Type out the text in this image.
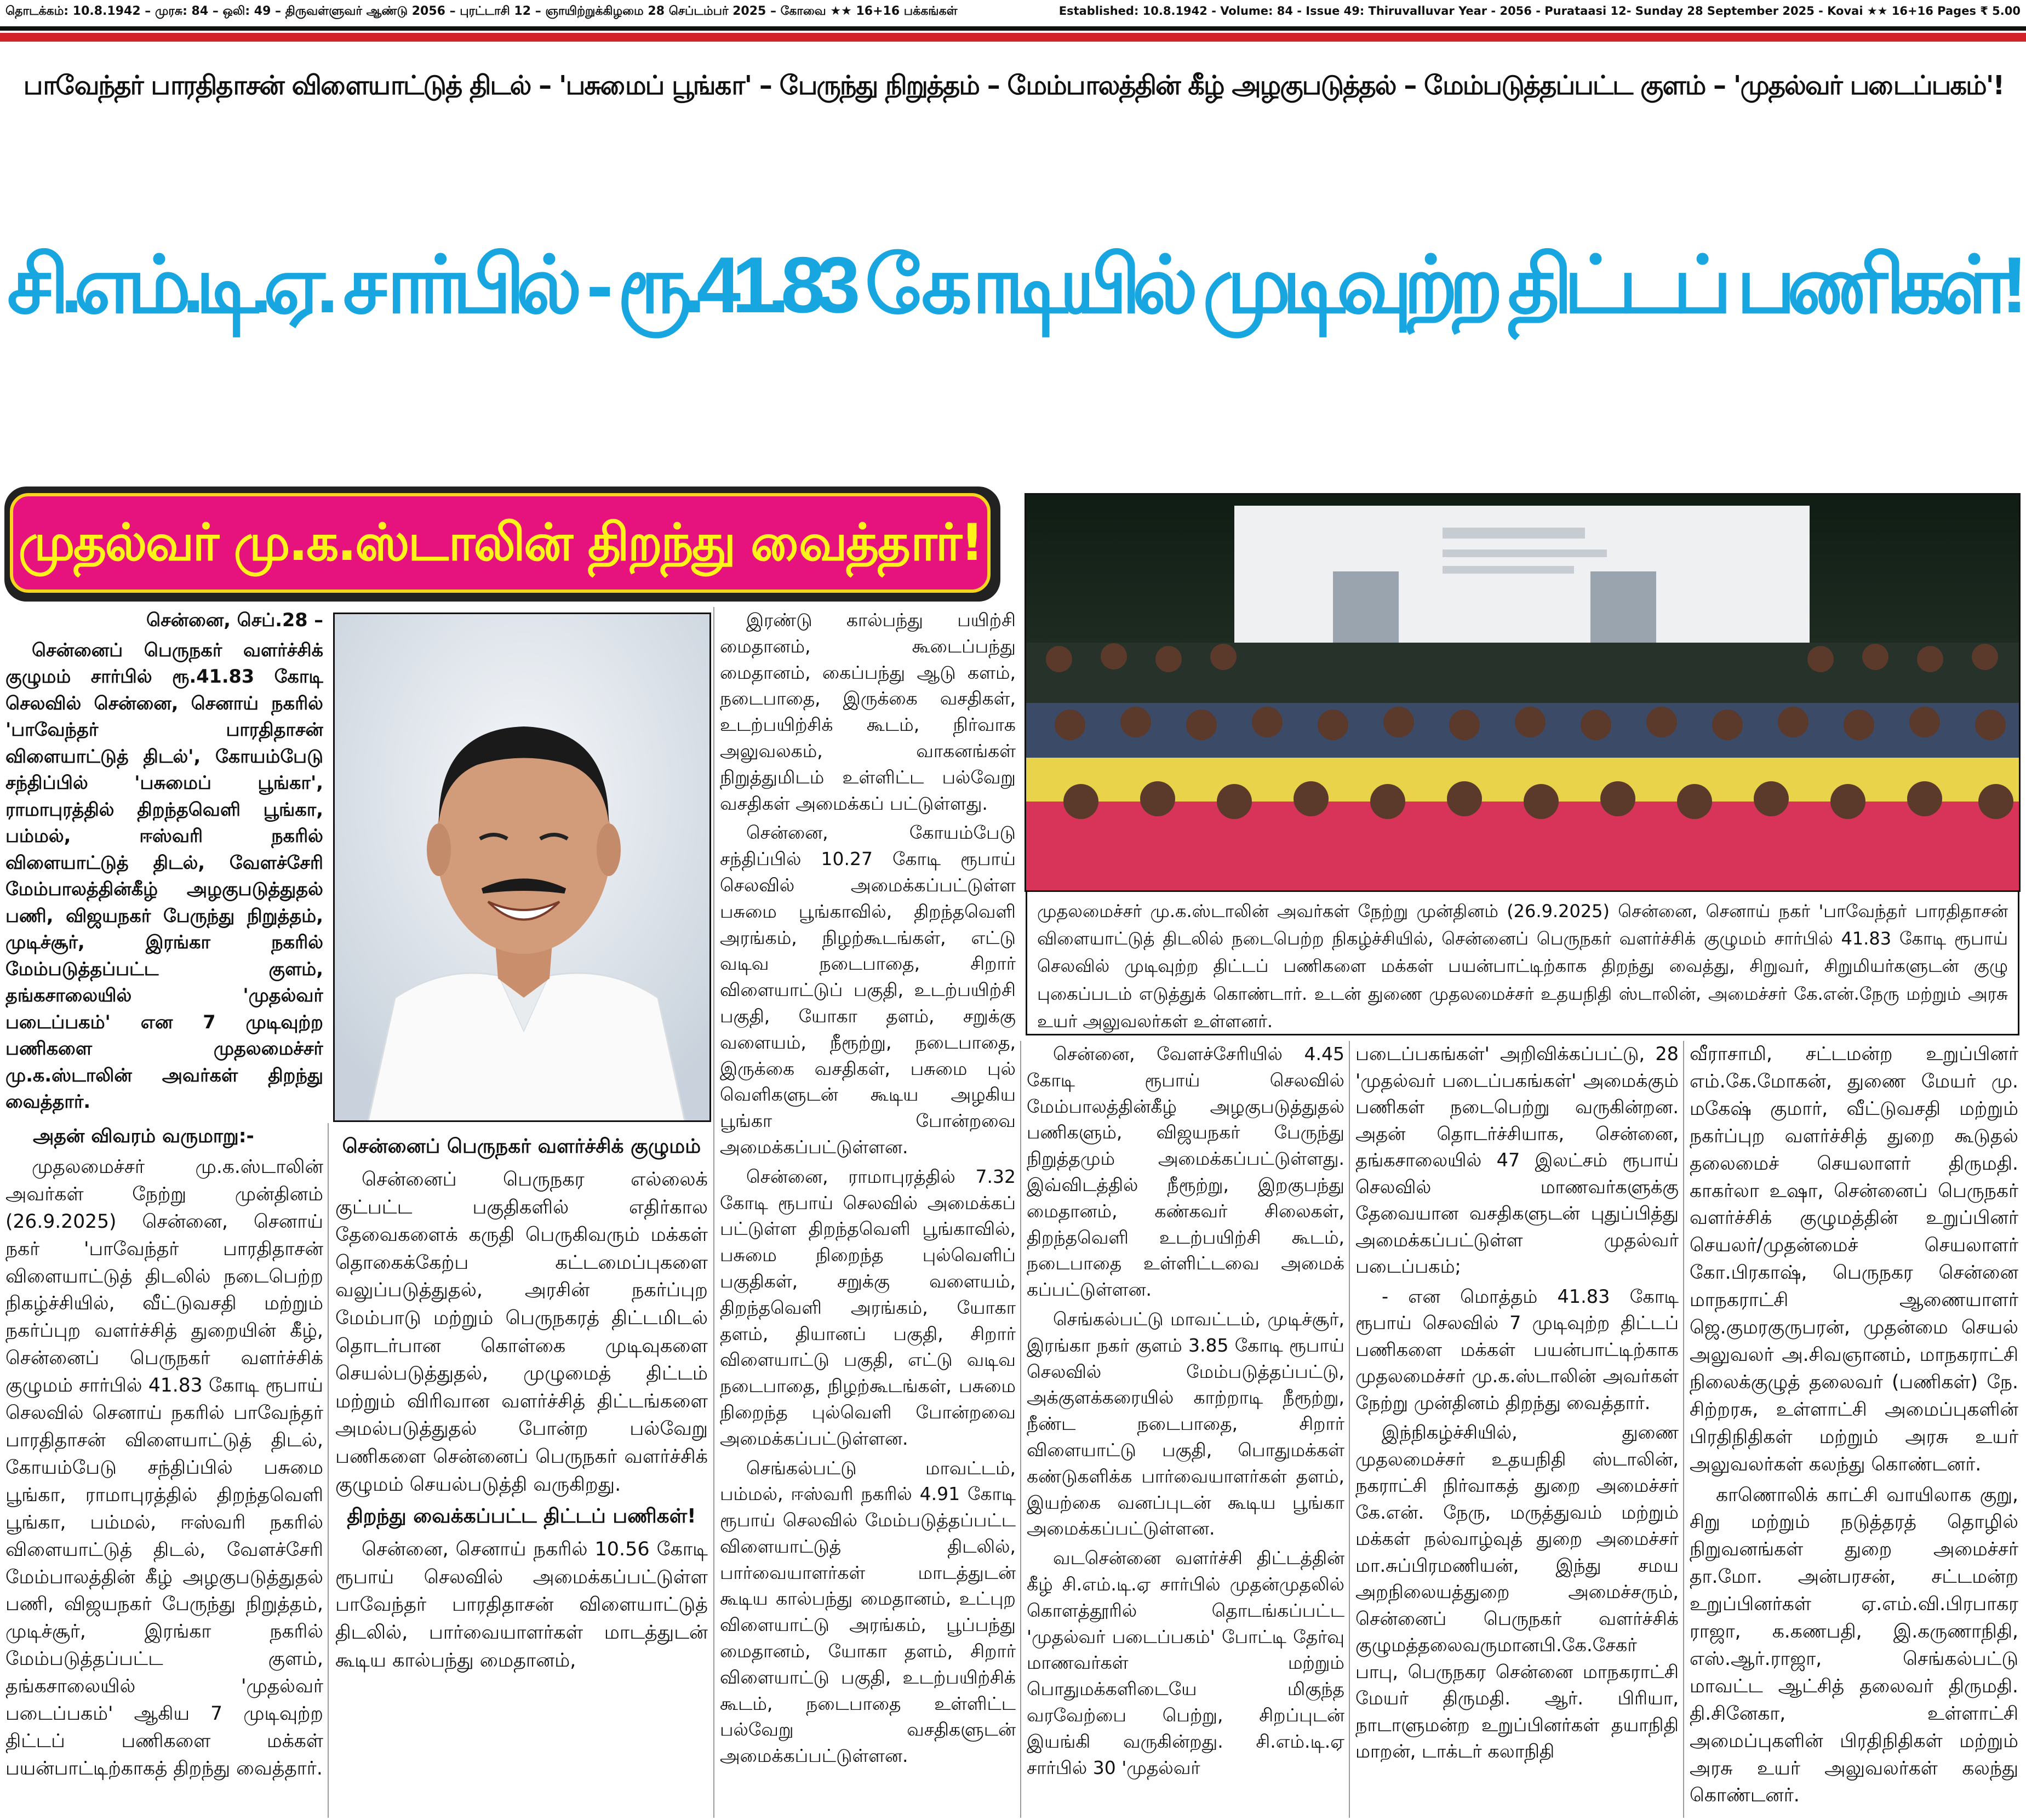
தொடக்கம்: 10.8.1942 – முரசு: 84 – ஒலி: 49 – திருவள்ளுவர் ஆண்டு 2056 – புரட்டாசி 12 – ஞாயிற்றுக்கிழமை 28 செப்டம்பர் 2025 – கோவை ★★ 16+16 பக்கங்கள்	Established: 10.8.1942 - Volume: 84 - Issue 49: Thiruvalluvar Year - 2056 - Purataasi 12- Sunday 28 September 2025 - Kovai ★★ 16+16 Pages ₹ 5.00
பாவேந்தர் பாரதிதாசன் விளையாட்டுத் திடல் – 'பசுமைப் பூங்கா' – பேருந்து நிறுத்தம் – மேம்பாலத்தின் கீழ் அழகுபடுத்தல் – மேம்படுத்தப்பட்ட குளம் – 'முதல்வர் படைப்பகம்'!
சி.எம்.டி.ஏ. சார்பில் - ரூ.41.83 கோடியில் முடிவுற்ற திட்டப் பணிகள்!
முதல்வர் மு.க.ஸ்டாலின் திறந்து வைத்தார்!
முதலமைச்சர் மு.க.ஸ்டாலின் அவர்கள் நேற்று முன்தினம் (26.9.2025) சென்னை, செனாய் நகர் 'பாவேந்தர் பாரதிதாசன் விளையாட்டுத் திடலில் நடைபெற்ற நிகழ்ச்சியில், சென்னைப் பெருநகர் வளர்ச்சிக் குழுமம் சார்பில் 41.83 கோடி ரூபாய் செலவில் முடிவுற்ற திட்டப் பணிகளை மக்கள் பயன்பாட்டிற்காக திறந்து வைத்து, சிறுவர், சிறுமியர்களுடன் குழு புகைப்படம் எடுத்துக் கொண்டார். உடன் துணை முதலமைச்சர் உதயநிதி ஸ்டாலின், அமைச்சர் கே.என்.நேரு மற்றும் அரசு உயர் அலுவலர்கள் உள்ளனர்.

சென்னை, செப்.28 –

சென்னைப் பெருநகர் வளர்ச்சிக் குழுமம் சார்பில் ரூ.41.83 கோடி செலவில் சென்னை, செனாய் நகரில் 'பாவேந்தர் பாரதிதாசன் விளையாட்டுத் திடல்', கோயம்பேடு சந்திப்பில் 'பசுமைப் பூங்கா', ராமாபுரத்தில் திறந்தவெளி பூங்கா, பம்மல், ஈஸ்வரி நகரில் விளையாட்டுத் திடல், வேளச்சேரி மேம்பாலத்தின்கீழ் அழகுபடுத்துதல் பணி, விஜயநகர் பேருந்து நிறுத்தம், முடிச்சூர், இரங்கா நகரில் மேம்படுத்தப்பட்ட குளம், தங்கசாலையில் 'முதல்வர் படைப்பகம்' என 7 முடிவுற்ற பணிகளை முதலமைச்சர் மு.க.ஸ்டாலின் அவர்கள் திறந்து வைத்தார்.

அதன் விவரம் வருமாறு:-

முதலமைச்சர் மு.க.ஸ்டாலின் அவர்கள் நேற்று முன்தினம் (26.9.2025) சென்னை, செனாய் நகர் 'பாவேந்தர் பாரதிதாசன் விளையாட்டுத் திடலில் நடைபெற்ற நிகழ்ச்சியில், வீட்டுவசதி மற்றும் நகர்ப்புற வளர்ச்சித் துறையின் கீழ், சென்னைப் பெருநகர் வளர்ச்சிக் குழுமம் சார்பில் 41.83 கோடி ரூபாய் செலவில் செனாய் நகரில் பாவேந்தர் பாரதிதாசன் விளையாட்டுத் திடல், கோயம்பேடு சந்திப்பில் பசுமை பூங்கா, ராமாபுரத்தில் திறந்தவெளி பூங்கா, பம்மல், ஈஸ்வரி நகரில் விளையாட்டுத் திடல், வேளச்சேரி மேம்பாலத்தின் கீழ் அழகுபடுத்துதல் பணி, விஜயநகர் பேருந்து நிறுத்தம், முடிச்சூர், இரங்கா நகரில் மேம்படுத்தப்பட்ட குளம், தங்கசாலையில் 'முதல்வர் படைப்பகம்' ஆகிய 7 முடிவுற்ற திட்டப் பணிகளை மக்கள் பயன்பாட்டிற்காகத் திறந்து வைத்தார்.

சென்னைப் பெருநகர் வளர்ச்சிக் குழுமம்

சென்னைப் பெருநகர எல்லைக் குட்பட்ட பகுதிகளில் எதிர்கால தேவைகளைக் கருதி பெருகிவரும் மக்கள் தொகைக்கேற்ப கட்டமைப்புகளை வலுப்படுத்துதல், அரசின் நகர்ப்புற மேம்பாடு மற்றும் பெருநகரத் திட்டமிடல் தொடர்பான கொள்கை முடிவுகளை செயல்படுத்துதல், முழுமைத் திட்டம் மற்றும் விரிவான வளர்ச்சித் திட்டங்களை அமல்படுத்துதல் போன்ற பல்வேறு பணிகளை சென்னைப் பெருநகர் வளர்ச்சிக் குழுமம் செயல்படுத்தி வருகிறது.

திறந்து வைக்கப்பட்ட திட்டப் பணிகள்!

சென்னை, செனாய் நகரில் 10.56 கோடி ரூபாய் செலவில் அமைக்கப்பட்டுள்ள பாவேந்தர் பாரதிதாசன் விளையாட்டுத் திடலில், பார்வையாளர்கள் மாடத்துடன் கூடிய கால்பந்து மைதானம்,

இரண்டு கால்பந்து பயிற்சி மைதானம், கூடைப்பந்து மைதானம், கைப்பந்து ஆடு களம், நடைபாதை, இருக்கை வசதிகள், உடற்பயிற்சிக் கூடம், நிர்வாக அலுவலகம், வாகனங்கள் நிறுத்துமிடம் உள்ளிட்ட பல்வேறு வசதிகள் அமைக்கப் பட்டுள்ளது.

சென்னை, கோயம்பேடு சந்திப்பில் 10.27 கோடி ரூபாய் செலவில் அமைக்கப்பட்டுள்ள பசுமை பூங்காவில், திறந்தவெளி அரங்கம், நிழற்கூடங்கள், எட்டு வடிவ நடைபாதை, சிறார் விளையாட்டுப் பகுதி, உடற்பயிற்சி பகுதி, யோகா தளம், சறுக்கு வளையம், நீரூற்று, நடைபாதை, இருக்கை வசதிகள், பசுமை புல் வெளிகளுடன் கூடிய அழகிய பூங்கா போன்றவை அமைக்கப்பட்டுள்ளன.

சென்னை, ராமாபுரத்தில் 7.32 கோடி ரூபாய் செலவில் அமைக்கப் பட்டுள்ள திறந்தவெளி பூங்காவில், பசுமை நிறைந்த புல்வெளிப் பகுதிகள், சறுக்கு வளையம், திறந்தவெளி அரங்கம், யோகா தளம், தியானப் பகுதி, சிறார் விளையாட்டு பகுதி, எட்டு வடிவ நடைபாதை, நிழற்கூடங்கள், பசுமை நிறைந்த புல்வெளி போன்றவை அமைக்கப்பட்டுள்ளன.

செங்கல்பட்டு மாவட்டம், பம்மல், ஈஸ்வரி நகரில் 4.91 கோடி ரூபாய் செலவில் மேம்படுத்தப்பட்ட விளையாட்டுத் திடலில், பார்வையாளர்கள் மாடத்துடன் கூடிய கால்பந்து மைதானம், உட்புற விளையாட்டு அரங்கம், பூப்பந்து மைதானம், யோகா தளம், சிறார் விளையாட்டு பகுதி, உடற்பயிற்சிக் கூடம், நடைபாதை உள்ளிட்ட பல்வேறு வசதிகளுடன் அமைக்கப்பட்டுள்ளன.

சென்னை, வேளச்சேரியில் 4.45 கோடி ரூபாய் செலவில் மேம்பாலத்தின்கீழ் அழகுபடுத்துதல் பணிகளும், விஜயநகர் பேருந்து நிறுத்தமும் அமைக்கப்பட்டுள்ளது. இவ்விடத்தில் நீரூற்று, இறகுபந்து மைதானம், கண்கவர் சிலைகள், திறந்தவெளி உடற்பயிற்சி கூடம், நடைபாதை உள்ளிட்டவை அமைக் கப்பட்டுள்ளன.

செங்கல்பட்டு மாவட்டம், முடிச்சூர், இரங்கா நகர் குளம் 3.85 கோடி ரூபாய் செலவில் மேம்படுத்தப்பட்டு, அக்குளக்கரையில் காற்றாடி நீரூற்று, நீண்ட நடைபாதை, சிறார் விளையாட்டு பகுதி, பொதுமக்கள் கண்டுகளிக்க பார்வையாளர்கள் தளம், இயற்கை வனப்புடன் கூடிய பூங்கா அமைக்கப்பட்டுள்ளன.

வடசென்னை வளர்ச்சி திட்டத்தின் கீழ் சி.எம்.டி.ஏ சார்பில் முதன்முதலில் கொளத்தூரில் தொடங்கப்பட்ட 'முதல்வர் படைப்பகம்' போட்டி தேர்வு மாணவர்கள் மற்றும் பொதுமக்களிடையே மிகுந்த வரவேற்பை பெற்று, சிறப்புடன் இயங்கி வருகின்றது. சி.எம்.டி.ஏ சார்பில் 30 'முதல்வர்

படைப்பகங்கள்' அறிவிக்கப்பட்டு, 28 'முதல்வர் படைப்பகங்கள்' அமைக்கும் பணிகள் நடைபெற்று வருகின்றன. அதன் தொடர்ச்சியாக, சென்னை, தங்கசாலையில் 47 இலட்சம் ரூபாய் செலவில் மாணவர்களுக்கு தேவையான வசதிகளுடன் புதுப்பித்து அமைக்கப்பட்டுள்ள முதல்வர் படைப்பகம்;

- என மொத்தம் 41.83 கோடி ரூபாய் செலவில் 7 முடிவுற்ற திட்டப் பணிகளை மக்கள் பயன்பாட்டிற்காக முதலமைச்சர் மு.க.ஸ்டாலின் அவர்கள் நேற்று முன்தினம் திறந்து வைத்தார்.

இந்நிகழ்ச்சியில், துணை முதலமைச்சர் உதயநிதி ஸ்டாலின், நகராட்சி நிர்வாகத் துறை அமைச்சர் கே.என். நேரு, மருத்துவம் மற்றும் மக்கள் நல்வாழ்வுத் துறை அமைச்சர் மா.சுப்பிரமணியன், இந்து சமய அறநிலையத்துறை அமைச்சரும், சென்னைப் பெருநகர் வளர்ச்சிக் குழுமத்தலைவருமானபி.கே.சேகர் பாபு, பெருநகர சென்னை மாநகராட்சி மேயர் திருமதி. ஆர். பிரியா, நாடாளுமன்ற உறுப்பினர்கள் தயாநிதி மாறன், டாக்டர் கலாநிதி

வீராசாமி, சட்டமன்ற உறுப்பினர் எம்.கே.மோகன், துணை மேயர் மு. மகேஷ் குமார், வீட்டுவசதி மற்றும் நகர்ப்புற வளர்ச்சித் துறை கூடுதல் தலைமைச் செயலாளர் திருமதி. காகர்லா உஷா, சென்னைப் பெருநகர் வளர்ச்சிக் குழுமத்தின் உறுப்பினர் செயலர்/முதன்மைச் செயலாளர் கோ.பிரகாஷ், பெருநகர சென்னை மாநகராட்சி ஆணையாளர் ஜெ.குமரகுருபரன், முதன்மை செயல் அலுவலர் அ.சிவஞானம், மாநகராட்சி நிலைக்குழுத் தலைவர் (பணிகள்) நே. சிற்றரசு, உள்ளாட்சி அமைப்புகளின் பிரதிநிதிகள் மற்றும் அரசு உயர் அலுவலர்கள் கலந்து கொண்டனர்.

காணொலிக் காட்சி வாயிலாக குறு, சிறு மற்றும் நடுத்தரத் தொழில் நிறுவனங்கள் துறை அமைச்சர் தா.மோ. அன்பரசன், சட்டமன்ற உறுப்பினர்கள் ஏ.எம்.வி.பிரபாகர ராஜா, க.கணபதி, இ.கருணாநிதி, எஸ்.ஆர்.ராஜா, செங்கல்பட்டு மாவட்ட ஆட்சித் தலைவர் திருமதி. தி.சினேகா, உள்ளாட்சி அமைப்புகளின் பிரதிநிதிகள் மற்றும் அரசு உயர் அலுவலர்கள் கலந்து கொண்டனர்.
